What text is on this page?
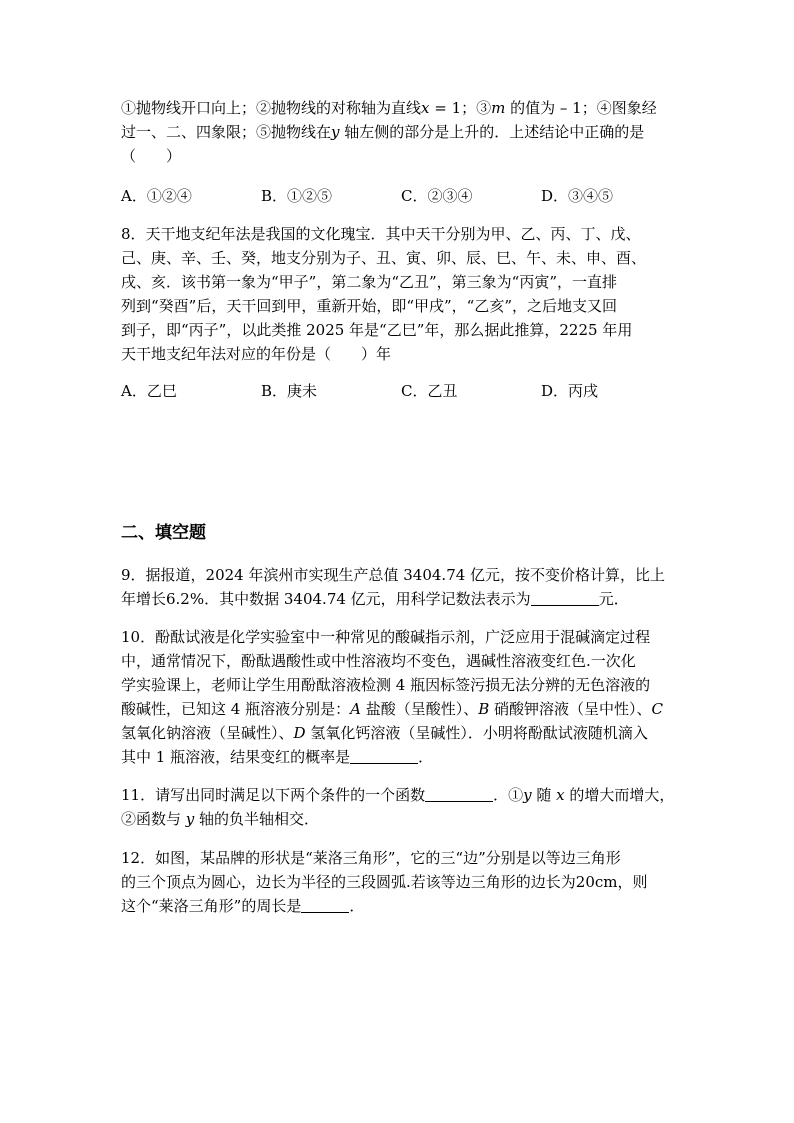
①抛物线开口向上；②抛物线的对称轴为直线x = 1；③m 的值为 – 1；④图象经
过一、二、四象限；⑤抛物线在y 轴左侧的部分是上升的．上述结论中正确的是
（　　）
A．①②④	B．①②⑤	C．②③④	D．③④⑤
8．天干地支纪年法是我国的文化瑰宝．其中天干分别为甲、乙、丙、丁、戊、
己、庚、辛、壬、癸，地支分别为子、丑、寅、卯、辰、巳、午、未、申、酉、
戌、亥．该书第一象为“甲子”，第二象为“乙丑”，第三象为“丙寅”，一直排
列到“癸酉”后，天干回到甲，重新开始，即“甲戌”，“乙亥”，之后地支又回
到子，即“丙子”，以此类推 2025 年是“乙巳”年，那么据此推算，2225 年用
天干地支纪年法对应的年份是（　　）年
A．乙巳	B．庚未	C．乙丑	D．丙戌
二、填空题
9．据报道，2024 年滨州市实现生产总值 3404.74 亿元，按不变价格计算，比上
年增长6.2%．其中数据 3404.74 亿元，用科学记数法表示为	元．
10．酚酞试液是化学实验室中一种常见的酸碱指示剂，广泛应用于混碱滴定过程
中，通常情况下，酚酞遇酸性或中性溶液均不变色，遇碱性溶液变红色.一次化
学实验课上，老师让学生用酚酞溶液检测 4 瓶因标签污损无法分辨的无色溶液的
酸碱性，已知这 4 瓶溶液分别是：A 盐酸（呈酸性）、B 硝酸钾溶液（呈中性）、C
氢氧化钠溶液（呈碱性）、D 氢氧化钙溶液（呈碱性）．小明将酚酞试液随机滴入
其中 1 瓶溶液，结果变红的概率是	．
11．请写出同时满足以下两个条件的一个函数	．①y 随 x 的增大而增大，
②函数与 y 轴的负半轴相交．
12．如图，某品牌的形状是“莱洛三角形”，它的三“边”分别是以等边三角形
的三个顶点为圆心，边长为半径的三段圆弧.若该等边三角形的边长为20cm，则
这个“莱洛三角形”的周长是	．
